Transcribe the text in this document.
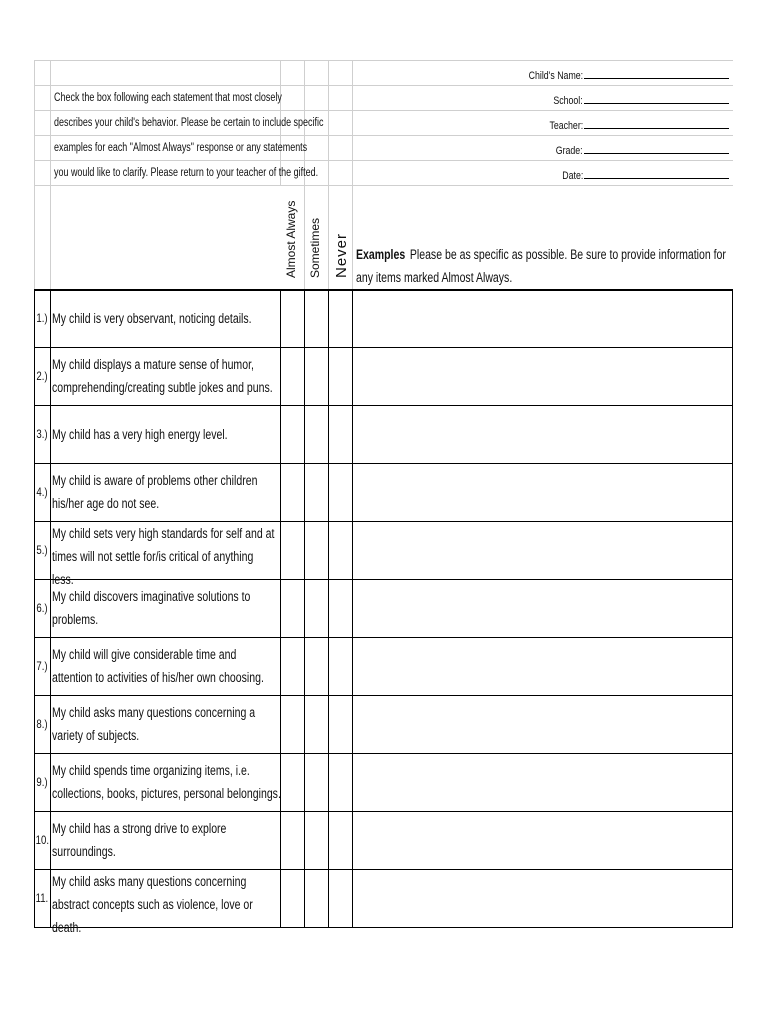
Check the box following each statement that most closely
describes your child's behavior. Please be certain to include specific
examples for each "Almost Always" response or any statements
you would like to clarify. Please return to your teacher of the gifted.
Child's Name:
School:
Teacher:
Grade:
Date:
Almost Always Sometimes Never Examples Please be as specific as possible. Be sure to provide information for
any items marked Almost Always.
My child is very observant, noticing details.
1.)
My child displays a mature sense of humor,
comprehending/creating subtle jokes and puns.
2.)
My child has a very high energy level.
3.)
My child is aware of problems other children
his/her age do not see.
4.)
My child sets very high standards for self and at
times will not settle for/is critical of anything
less.
5.)
My child discovers imaginative solutions to
problems.
6.)
My child will give considerable time and
attention to activities of his/her own choosing.
7.)
My child asks many questions concerning a
variety of subjects.
8.)
My child spends time organizing items, i.e.
collections, books, pictures, personal belongings.
9.)
My child has a strong drive to explore
surroundings.
10.
My child asks many questions concerning
abstract concepts such as violence, love or
death.
11.
